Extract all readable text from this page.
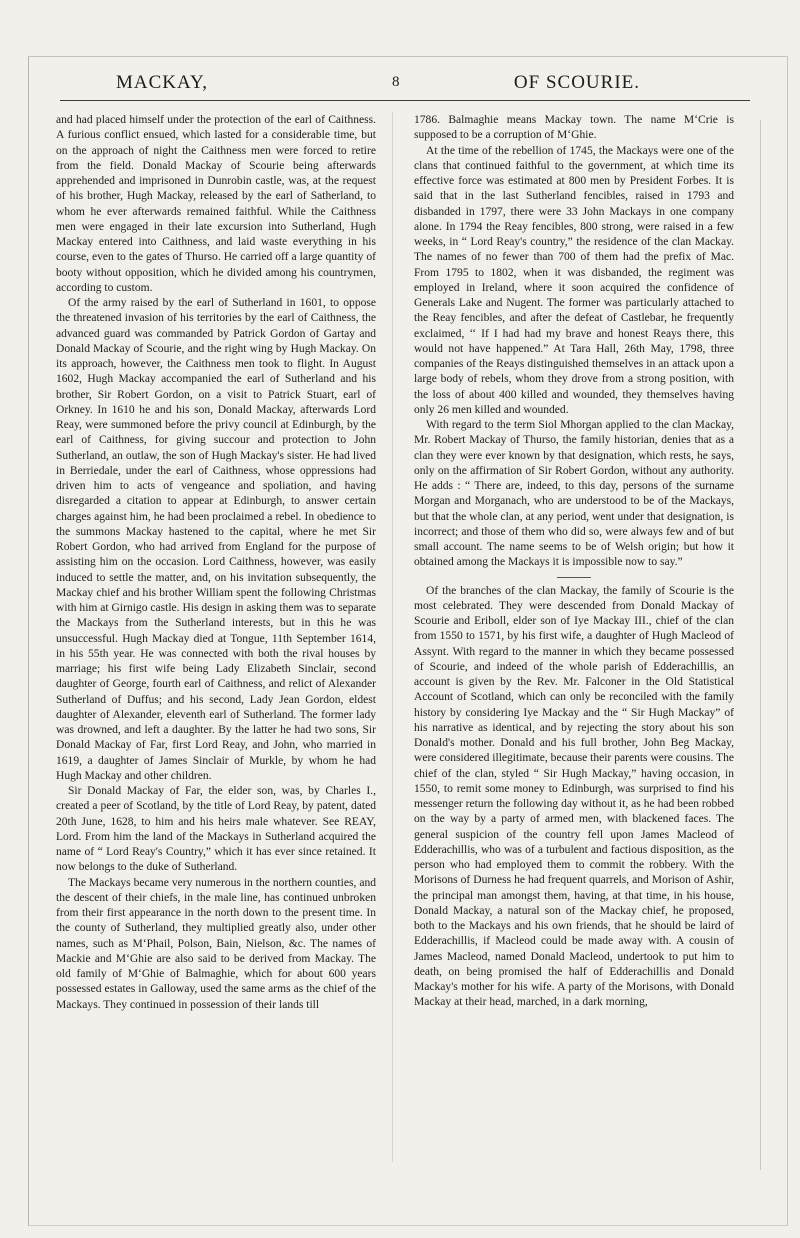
MACKAY,	8	OF SCOURIE.

and had placed himself under the protection of the earl of Caithness. A furious conflict ensued, which lasted for a considerable time, but on the approach of night the Caithness men were forced to retire from the field. Donald Mackay of Scourie being afterwards apprehended and imprisoned in Dunrobin castle, was, at the request of his brother, Hugh Mackay, released by the earl of Satherland, to whom he ever afterwards remained faithful. While the Caithness men were engaged in their late excursion into Sutherland, Hugh Mackay entered into Caithness, and laid waste everything in his course, even to the gates of Thurso. He carried off a large quantity of booty without opposition, which he divided among his countrymen, according to custom.

Of the army raised by the earl of Sutherland in 1601, to oppose the threatened invasion of his territories by the earl of Caithness, the advanced guard was commanded by Patrick Gordon of Gartay and Donald Mackay of Scourie, and the right wing by Hugh Mackay. On its approach, however, the Caithness men took to flight. In August 1602, Hugh Mackay accompanied the earl of Sutherland and his brother, Sir Robert Gordon, on a visit to Patrick Stuart, earl of Orkney. In 1610 he and his son, Donald Mackay, afterwards Lord Reay, were summoned before the privy council at Edinburgh, by the earl of Caithness, for giving succour and protection to John Sutherland, an outlaw, the son of Hugh Mackay's sister. He had lived in Berriedale, under the earl of Caithness, whose oppressions had driven him to acts of vengeance and spoliation, and having disregarded a citation to appear at Edinburgh, to answer certain charges against him, he had been proclaimed a rebel. In obedience to the summons Mackay hastened to the capital, where he met Sir Robert Gordon, who had arrived from England for the purpose of assisting him on the occasion. Lord Caithness, however, was easily induced to settle the matter, and, on his invitation subsequently, the Mackay chief and his brother William spent the following Christmas with him at Girnigo castle. His design in asking them was to separate the Mackays from the Sutherland interests, but in this he was unsuccessful. Hugh Mackay died at Tongue, 11th September 1614, in his 55th year. He was connected with both the rival houses by marriage; his first wife being Lady Elizabeth Sinclair, second daughter of George, fourth earl of Caithness, and relict of Alexander Sutherland of Duffus; and his second, Lady Jean Gordon, eldest daughter of Alexander, eleventh earl of Sutherland. The former lady was drowned, and left a daughter. By the latter he had two sons, Sir Donald Mackay of Far, first Lord Reay, and John, who married in 1619, a daughter of James Sinclair of Murkle, by whom he had Hugh Mackay and other children.

Sir Donald Mackay of Far, the elder son, was, by Charles I., created a peer of Scotland, by the title of Lord Reay, by patent, dated 20th June, 1628, to him and his heirs male whatever. See REAY, Lord. From him the land of the Mackays in Sutherland acquired the name of “ Lord Reay's Country,” which it has ever since retained. It now belongs to the duke of Sutherland.

The Mackays became very numerous in the northern counties, and the descent of their chiefs, in the male line, has continued unbroken from their first appearance in the north down to the present time. In the county of Sutherland, they multiplied greatly also, under other names, such as M‘Phail, Polson, Bain, Nielson, &c. The names of Mackie and M‘Ghie are also said to be derived from Mackay. The old family of M‘Ghie of Balmaghie, which for about 600 years possessed estates in Galloway, used the same arms as the chief of the Mackays. They continued in possession of their lands till

1786. Balmaghie means Mackay town. The name M‘Crie is supposed to be a corruption of M‘Ghie.

At the time of the rebellion of 1745, the Mackays were one of the clans that continued faithful to the government, at which time its effective force was estimated at 800 men by President Forbes. It is said that in the last Sutherland fencibles, raised in 1793 and disbanded in 1797, there were 33 John Mackays in one company alone. In 1794 the Reay fencibles, 800 strong, were raised in a few weeks, in “ Lord Reay's country,” the residence of the clan Mackay. The names of no fewer than 700 of them had the prefix of Mac. From 1795 to 1802, when it was disbanded, the regiment was employed in Ireland, where it soon acquired the confidence of Generals Lake and Nugent. The former was particularly attached to the Reay fencibles, and after the defeat of Castlebar, he frequently exclaimed, ‘‘ If I had had my brave and honest Reays there, this would not have happened.” At Tara Hall, 26th May, 1798, three companies of the Reays distinguished themselves in an attack upon a large body of rebels, whom they drove from a strong position, with the loss of about 400 killed and wounded, they themselves having only 26 men killed and wounded.

With regard to the term Siol Mhorgan applied to the clan Mackay, Mr. Robert Mackay of Thurso, the family historian, denies that as a clan they were ever known by that designation, which rests, he says, only on the affirmation of Sir Robert Gordon, without any authority. He adds : “ There are, indeed, to this day, persons of the surname Morgan and Morganach, who are understood to be of the Mackays, but that the whole clan, at any period, went under that designation, is incorrect; and those of them who did so, were always few and of but small account. The name seems to be of Welsh origin; but how it obtained among the Mackays it is impossible now to say.”

Of the branches of the clan Mackay, the family of Scourie is the most celebrated. They were descended from Donald Mackay of Scourie and Eriboll, elder son of Iye Mackay III., chief of the clan from 1550 to 1571, by his first wife, a daughter of Hugh Macleod of Assynt. With regard to the manner in which they became possessed of Scourie, and indeed of the whole parish of Edderachillis, an account is given by the Rev. Mr. Falconer in the Old Statistical Account of Scotland, which can only be reconciled with the family history by considering Iye Mackay and the “ Sir Hugh Mackay” of his narrative as identical, and by rejecting the story about his son Donald's mother. Donald and his full brother, John Beg Mackay, were considered illegitimate, because their parents were cousins. The chief of the clan, styled “ Sir Hugh Mackay,” having occasion, in 1550, to remit some money to Edinburgh, was surprised to find his messenger return the following day without it, as he had been robbed on the way by a party of armed men, with blackened faces. The general suspicion of the country fell upon James Macleod of Edderachillis, who was of a turbulent and factious disposition, as the person who had employed them to commit the robbery. With the Morisons of Durness he had frequent quarrels, and Morison of Ashir, the principal man amongst them, having, at that time, in his house, Donald Mackay, a natural son of the Mackay chief, he proposed, both to the Mackays and his own friends, that he should be laird of Edderachillis, if Macleod could be made away with. A cousin of James Macleod, named Donald Macleod, undertook to put him to death, on being promised the half of Edderachillis and Donald Mackay's mother for his wife. A party of the Morisons, with Donald Mackay at their head, marched, in a dark morning,
